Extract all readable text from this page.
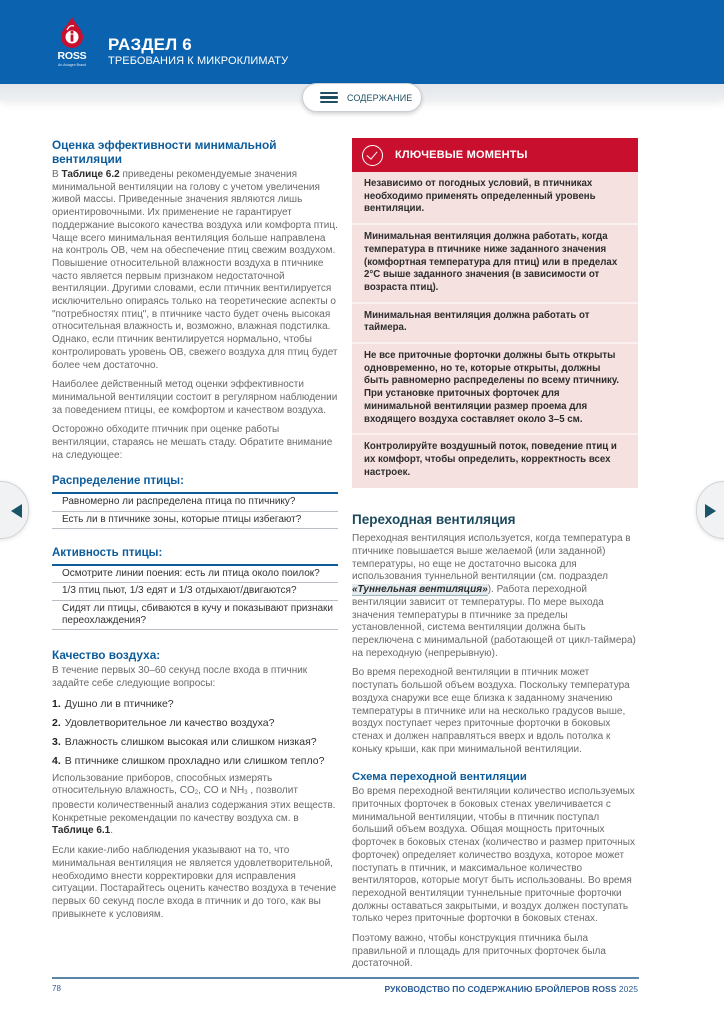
ROSS
An Aviagen Brand
РАЗДЕЛ 6
ТРЕБОВАНИЯ К МИКРОКЛИМАТУ
СОДЕРЖАНИЕ
Оценка эффективности минимальной вентиляции

В Таблице 6.2 приведены рекомендуемые значения минимальной вентиляции на голову с учетом увеличения живой массы. Приведенные значения являются лишь ориентировочными. Их применение не гарантирует поддержание высокого качества воздуха или комфорта птиц. Чаще всего минимальная вентиляция больше направлена на контроль ОВ, чем на обеспечение птиц свежим воздухом. Повышение относительной влажности воздуха в птичнике часто является первым признаком недостаточной вентиляции. Другими словами, если птичник вентилируется исключительно опираясь только на теоретические аспекты о "потребностях птиц", в птичнике часто будет очень высокая относительная влажность и, возможно, влажная подстилка. Однако, если птичник вентилируется нормально, чтобы контролировать уровень ОВ, свежего воздуха для птиц будет более чем достаточно.

Наиболее действенный метод оценки эффективности минимальной вентиляции состоит в регулярном наблюдении за поведением птицы, ее комфортом и качеством воздуха.

Осторожно обходите птичник при оценке работы вентиляции, стараясь не мешать стаду. Обратите внимание на следующее:

Распределение птицы:
Равномерно ли распределена птица по птичнику?
Есть ли в птичнике зоны, которые птицы избегают?
Активность птицы:
Осмотрите линии поения: есть ли птица около поилок?
1/3 птиц пьют, 1/3 едят и 1/3 отдыхают/двигаются?
Сидят ли птицы, сбиваются в кучу и показывают признаки переохлаждения?
Качество воздуха:

В течение первых 30–60 секунд после входа в птичник задайте себе следующие вопросы:

1. Душно ли в птичнике?
2. Удовлетворительное ли качество воздуха?
3. Влажность слишком высокая или слишком низкая?
4. В птичнике слишком прохладно или слишком тепло?

Использование приборов, способных измерять относительную влажность, $CO_2$, CO и $NH_3$ , позволит провести количественный анализ содержания этих веществ. Конкретные рекомендации по качеству воздуха см. в Таблице 6.1.

Если какие-либо наблюдения указывают на то, что минимальная вентиляция не является удовлетворительной, необходимо внести корректировки для исправления ситуации. Постарайтесь оценить качество воздуха в течение первых 60 секунд после входа в птичник и до того, как вы привыкнете к условиям.

КЛЮЧЕВЫЕ МОМЕНТЫ
Независимо от погодных условий, в птичниках необходимо применять определенный уровень вентиляции.
Минимальная вентиляция должна работать, когда температура в птичнике ниже заданного значения (комфортная температура для птиц) или в пределах 2°C выше заданного значения (в зависимости от возраста птиц).
Минимальная вентиляция должна работать от таймера.
Не все приточные форточки должны быть открыты одновременно, но те, которые открыты, должны быть равномерно распределены по всему птичнику. При установке приточных форточек для минимальной вентиляции размер проема для входящего воздуха составляет около 3–5 см.
Контролируйте воздушный поток, поведение птиц и их комфорт, чтобы определить, корректность всех настроек.
Переходная вентиляция

Переходная вентиляция используется, когда температура в птичнике повышается выше желаемой (или заданной) температуры, но еще не достаточно высока для использования туннельной вентиляции (см. подраздел «Туннельная вентиляция»). Работа переходной вентиляции зависит от температуры. По мере выхода значения температуры в птичнике за пределы установленной, система вентиляции должна быть переключена с минимальной (работающей от цикл-таймера) на переходную (непрерывную).

Во время переходной вентиляции в птичник может поступать большой объем воздуха. Поскольку температура воздуха снаружи все еще близка к заданному значению температуры в птичнике или на несколько градусов выше, воздух поступает через приточные форточки в боковых стенах и должен направляться вверх и вдоль потолка к коньку крыши, как при минимальной вентиляции.

Схема переходной вентиляции

Во время переходной вентиляции количество используемых приточных форточек в боковых стенах увеличивается с минимальной вентиляции, чтобы в птичник поступал больший объем воздуха. Общая мощность приточных форточек в боковых стенах (количество и размер приточных форточек) определяет количество воздуха, которое может поступать в птичник, и максимальное количество вентиляторов, которые могут быть использованы. Во время переходной вентиляции туннельные приточные форточки должны оставаться закрытыми, и воздух должен поступать только через приточные форточки в боковых стенах.

Поэтому важно, чтобы конструкция птичника была правильной и площадь для приточных форточек была достаточной.

78	РУКОВОДСТВО ПО СОДЕРЖАНИЮ БРОЙЛЕРОВ ROSS 2025
